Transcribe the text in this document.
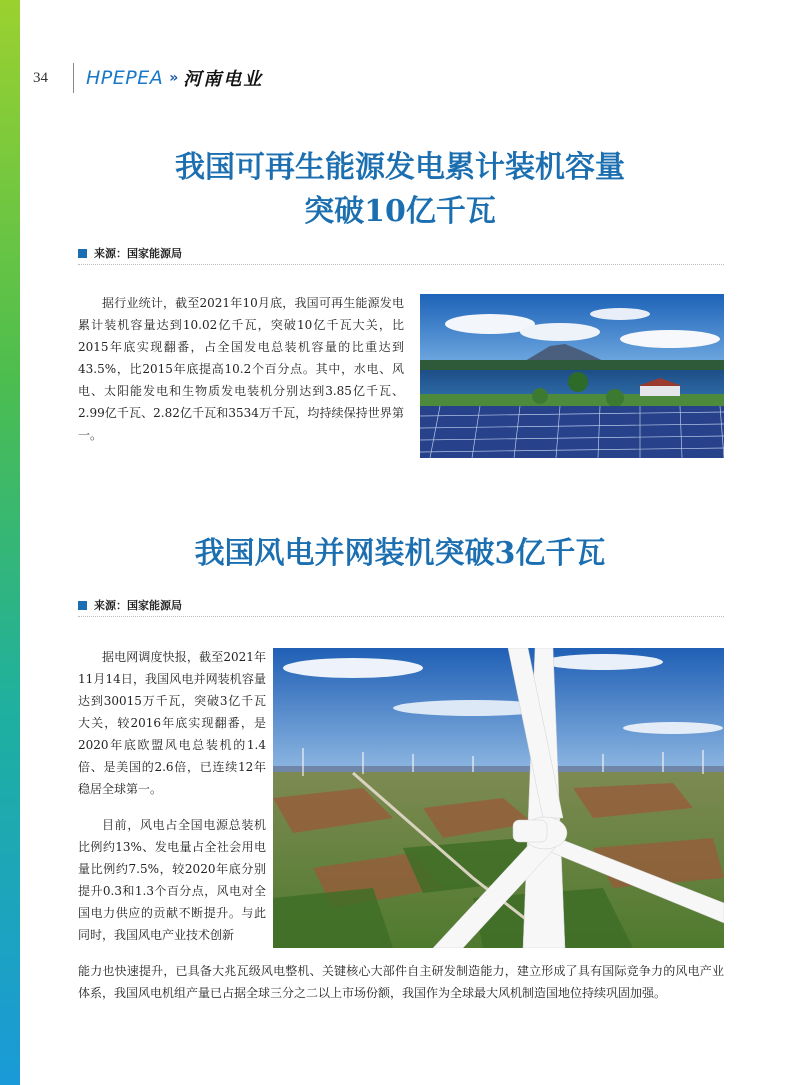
34 HPEPEA » 河南电业
我国可再生能源发电累计装机容量
突破10亿千瓦
来源：国家能源局

据行业统计，截至2021年10月底，我国可再生能源发电累计装机容量达到10.02亿千瓦，突破10亿千瓦大关，比2015年底实现翻番，占全国发电总装机容量的比重达到43.5%，比2015年底提高10.2个百分点。其中，水电、风电、太阳能发电和生物质发电装机分别达到3.85亿千瓦、2.99亿千瓦、2.82亿千瓦和3534万千瓦，均持续保持世界第一。

我国风电并网装机突破3亿千瓦
来源：国家能源局

据电网调度快报，截至2021年11月14日，我国风电并网装机容量达到30015万千瓦，突破3亿千瓦大关，较2016年底实现翻番，是2020年底欧盟风电总装机的1.4倍、是美国的2.6倍，已连续12年稳居全球第一。

目前，风电占全国电源总装机比例约13%、发电量占全社会用电量比例约7.5%，较2020年底分别提升0.3和1.3个百分点，风电对全国电力供应的贡献不断提升。与此同时，我国风电产业技术创新

能力也快速提升，已具备大兆瓦级风电整机、关键核心大部件自主研发制造能力，建立形成了具有国际竞争力的风电产业体系，我国风电机组产量已占据全球三分之二以上市场份额，我国作为全球最大风机制造国地位持续巩固加强。
